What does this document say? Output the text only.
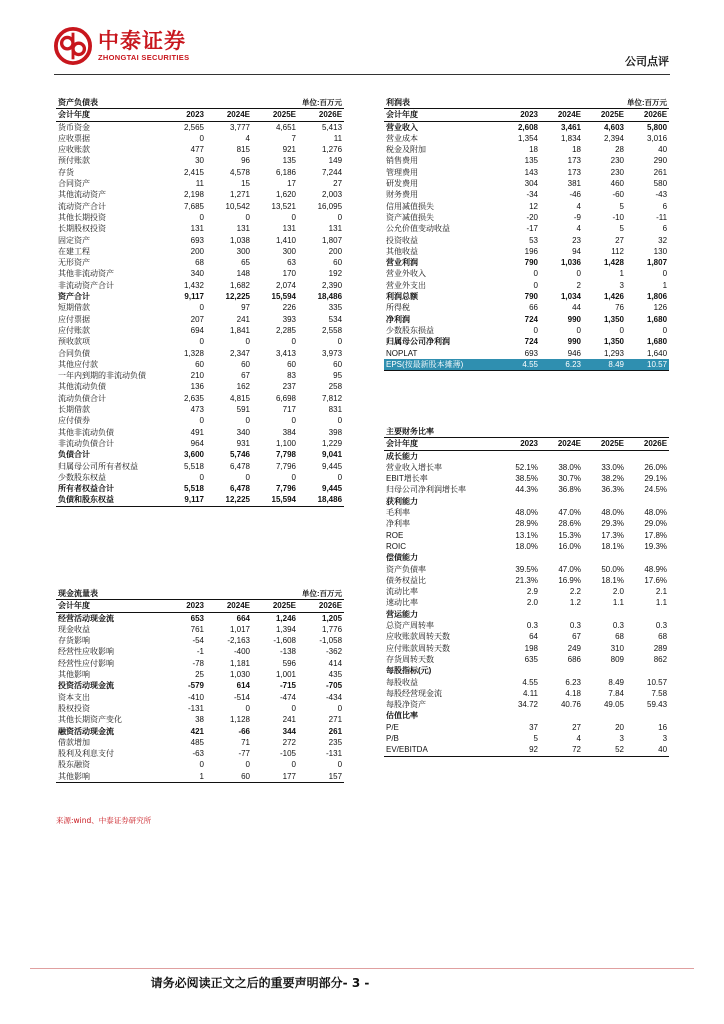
中泰证券
ZHONGTAI SECURITIES	公司点评
资产负债表		单位:百万元		
会计年度	2023	2024E	2025E	2026E
货币资金	2,565	3,777	4,651	5,413
应收票据	0	4	7	11
应收账款	477	815	921	1,276
预付账款	30	96	135	149
存货	2,415	4,578	6,186	7,244
合同资产	11	15	17	27
其他流动资产	2,198	1,271	1,620	2,003
流动资产合计	7,685	10,542	13,521	16,095
其他长期投资	0	0	0	0
长期股权投资	131	131	131	131
固定资产	693	1,038	1,410	1,807
在建工程	200	300	300	200
无形资产	68	65	63	60
其他非流动资产	340	148	170	192
非流动资产合计	1,432	1,682	2,074	2,390
资产合计	9,117	12,225	15,594	18,486
短期借款	0	97	226	335
应付票据	207	241	393	534
应付账款	694	1,841	2,285	2,558
预收款项	0	0	0	0
合同负债	1,328	2,347	3,413	3,973
其他应付款	60	60	60	60
一年内到期的非流动负债	210	67	83	95
其他流动负债	136	162	237	258
流动负债合计	2,635	4,815	6,698	7,812
长期借款	473	591	717	831
应付债券	0	0	0	0
其他非流动负债	491	340	384	398
非流动负债合计	964	931	1,100	1,229
负债合计	3,600	5,746	7,798	9,041
归属母公司所有者权益	5,518	6,478	7,796	9,445
少数股东权益	0	0	0	0
所有者权益合计	5,518	6,478	7,796	9,445
负债和股东权益	9,117	12,225	15,594	18,486
现金流量表		单位:百万元		
会计年度	2023	2024E	2025E	2026E
经营活动现金流	653	664	1,246	1,205
现金收益	761	1,017	1,394	1,776
存货影响	-54	-2,163	-1,608	-1,058
经营性应收影响	-1	-400	-138	-362
经营性应付影响	-78	1,181	596	414
其他影响	25	1,030	1,001	435
投资活动现金流	-579	614	-715	-705
资本支出	-410	-514	-474	-434
股权投资	-131	0	0	0
其他长期资产变化	38	1,128	241	271
融资活动现金流	421	-66	344	261
借款增加	485	71	272	235
股利及利息支付	-63	-77	-105	-131
股东融资	0	0	0	0
其他影响	1	60	177	157
利润表		单位:百万元		
会计年度	2023	2024E	2025E	2026E
营业收入	2,608	3,461	4,603	5,800
营业成本	1,354	1,834	2,394	3,016
税金及附加	18	18	28	40
销售费用	135	173	230	290
管理费用	143	173	230	261
研发费用	304	381	460	580
财务费用	-34	-46	-60	-43
信用减值损失	12	4	5	6
资产减值损失	-20	-9	-10	-11
公允价值变动收益	-17	4	5	6
投资收益	53	23	27	32
其他收益	196	94	112	130
营业利润	790	1,036	1,428	1,807
营业外收入	0	0	1	0
营业外支出	0	2	3	1
利润总额	790	1,034	1,426	1,806
所得税	66	44	76	126
净利润	724	990	1,350	1,680
少数股东损益	0	0	0	0
归属母公司净利润	724	990	1,350	1,680
NOPLAT	693	946	1,293	1,640
EPS(按最新股本摊薄)	4.55	6.23	8.49	10.57
主要财务比率				
会计年度	2023	2024E	2025E	2026E
成长能力				
营业收入增长率	52.1%	38.0%	33.0%	26.0%
EBIT增长率	38.5%	30.7%	38.2%	29.1%
归母公司净利润增长率	44.3%	36.8%	36.3%	24.5%
获利能力				
毛利率	48.0%	47.0%	48.0%	48.0%
净利率	28.9%	28.6%	29.3%	29.0%
ROE	13.1%	15.3%	17.3%	17.8%
ROIC	18.0%	16.0%	18.1%	19.3%
偿债能力				
资产负债率	39.5%	47.0%	50.0%	48.9%
债务权益比	21.3%	16.9%	18.1%	17.6%
流动比率	2.9	2.2	2.0	2.1
速动比率	2.0	1.2	1.1	1.1
营运能力				
总资产周转率	0.3	0.3	0.3	0.3
应收账款周转天数	64	67	68	68
应付账款周转天数	198	249	310	289
存货周转天数	635	686	809	862
每股指标(元)				
每股收益	4.55	6.23	8.49	10.57
每股经营现金流	4.11	4.18	7.84	7.58
每股净资产	34.72	40.76	49.05	59.43
估值比率				
P/E	37	27	20	16
P/B	5	4	3	3
EV/EBITDA	92	72	52	40
来源:wind、中泰证券研究所
请务必阅读正文之后的重要声明部分- 3 -
